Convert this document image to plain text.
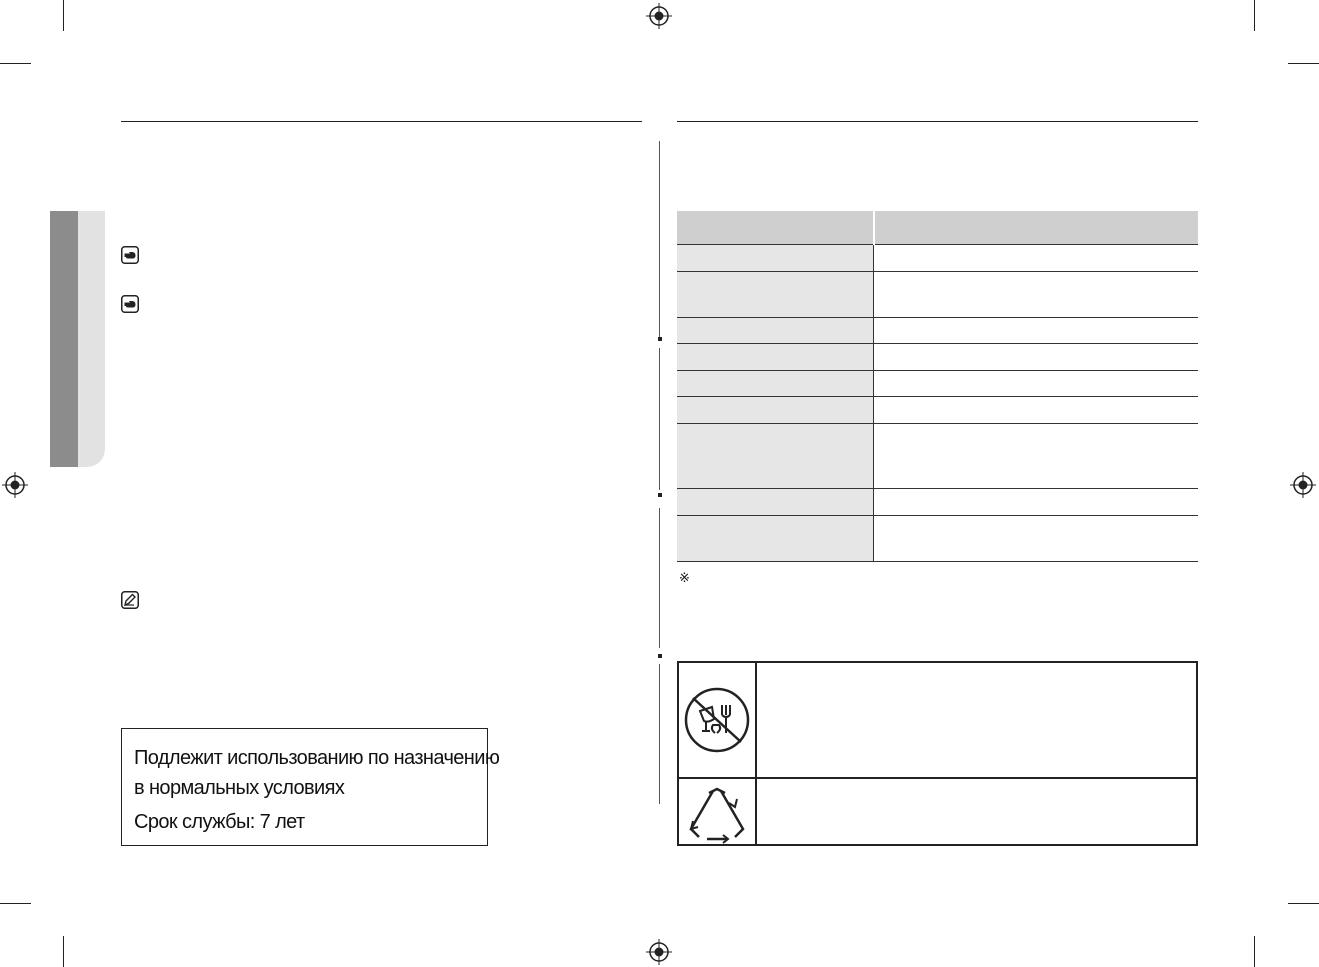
Подлежит использованию по назначению

в нормальных условиях

Срок службы: 7 лет

※
